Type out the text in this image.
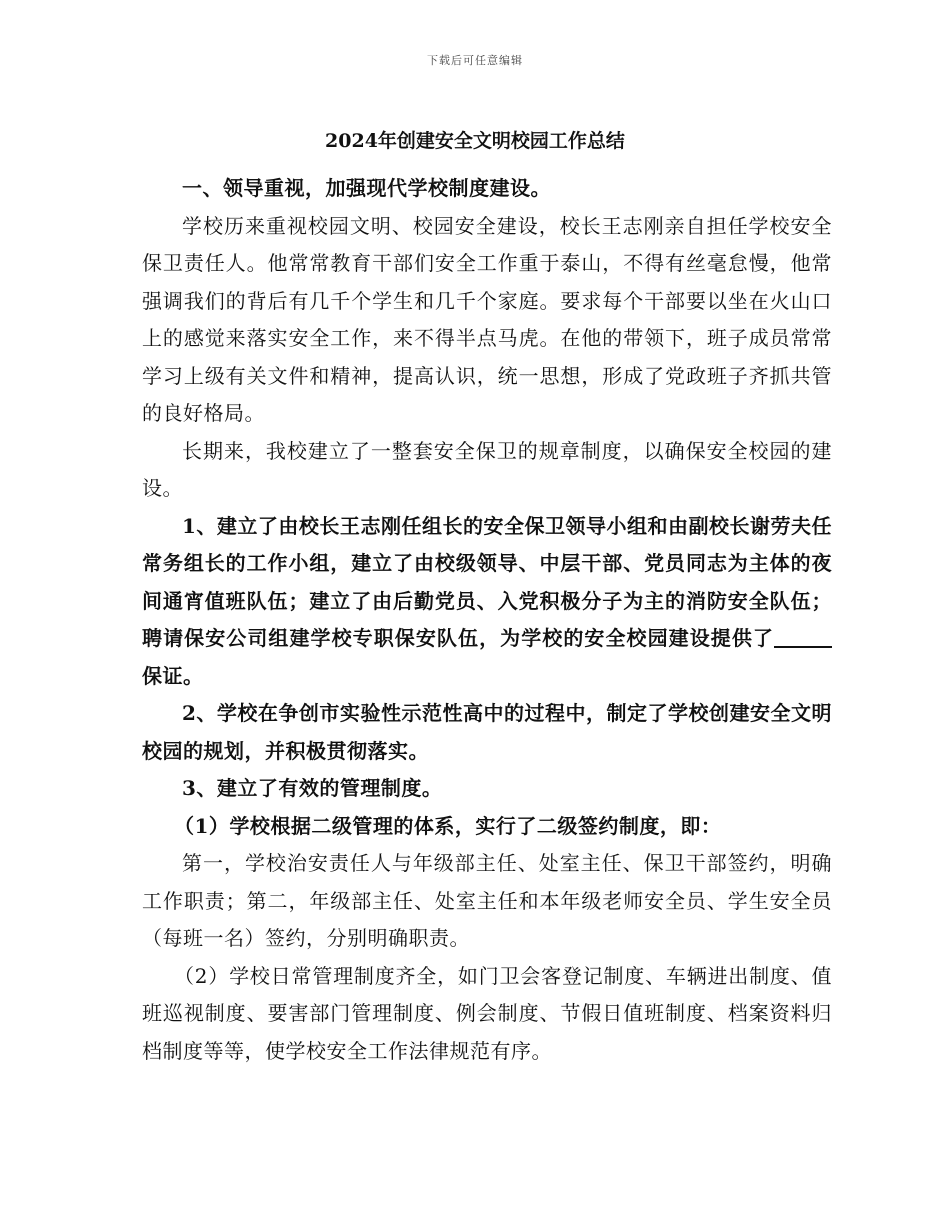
下载后可任意编辑
2024年创建安全文明校园工作总结

一、领导重视，加强现代学校制度建设。

学校历来重视校园文明、校园安全建设，校长王志刚亲自担任学校安全保卫责任人。他常常教育干部们安全工作重于泰山，不得有丝毫怠慢，他常强调我们的背后有几千个学生和几千个家庭。要求每个干部要以坐在火山口上的感觉来落实安全工作，来不得半点马虎。在他的带领下，班子成员常常学习上级有关文件和精神，提高认识，统一思想，形成了党政班子齐抓共管的良好格局。

长期来，我校建立了一整套安全保卫的规章制度，以确保安全校园的建设。

1、建立了由校长王志刚任组长的安全保卫领导小组和由副校长谢劳夫任常务组长的工作小组，建立了由校级领导、中层干部、党员同志为主体的夜间通宵值班队伍；建立了由后勤党员、入党积极分子为主的消防安全队伍；聘请保安公司组建学校专职保安队伍，为学校的安全校园建设提供了保证。

2、学校在争创市实验性示范性高中的过程中，制定了学校创建安全文明校园的规划，并积极贯彻落实。

3、建立了有效的管理制度。

（1）学校根据二级管理的体系，实行了二级签约制度，即：

第一，学校治安责任人与年级部主任、处室主任、保卫干部签约，明确工作职责；第二，年级部主任、处室主任和本年级老师安全员、学生安全员（每班一名）签约，分别明确职责。

（2）学校日常管理制度齐全，如门卫会客登记制度、车辆进出制度、值班巡视制度、要害部门管理制度、例会制度、节假日值班制度、档案资料归档制度等等，使学校安全工作法律规范有序。
